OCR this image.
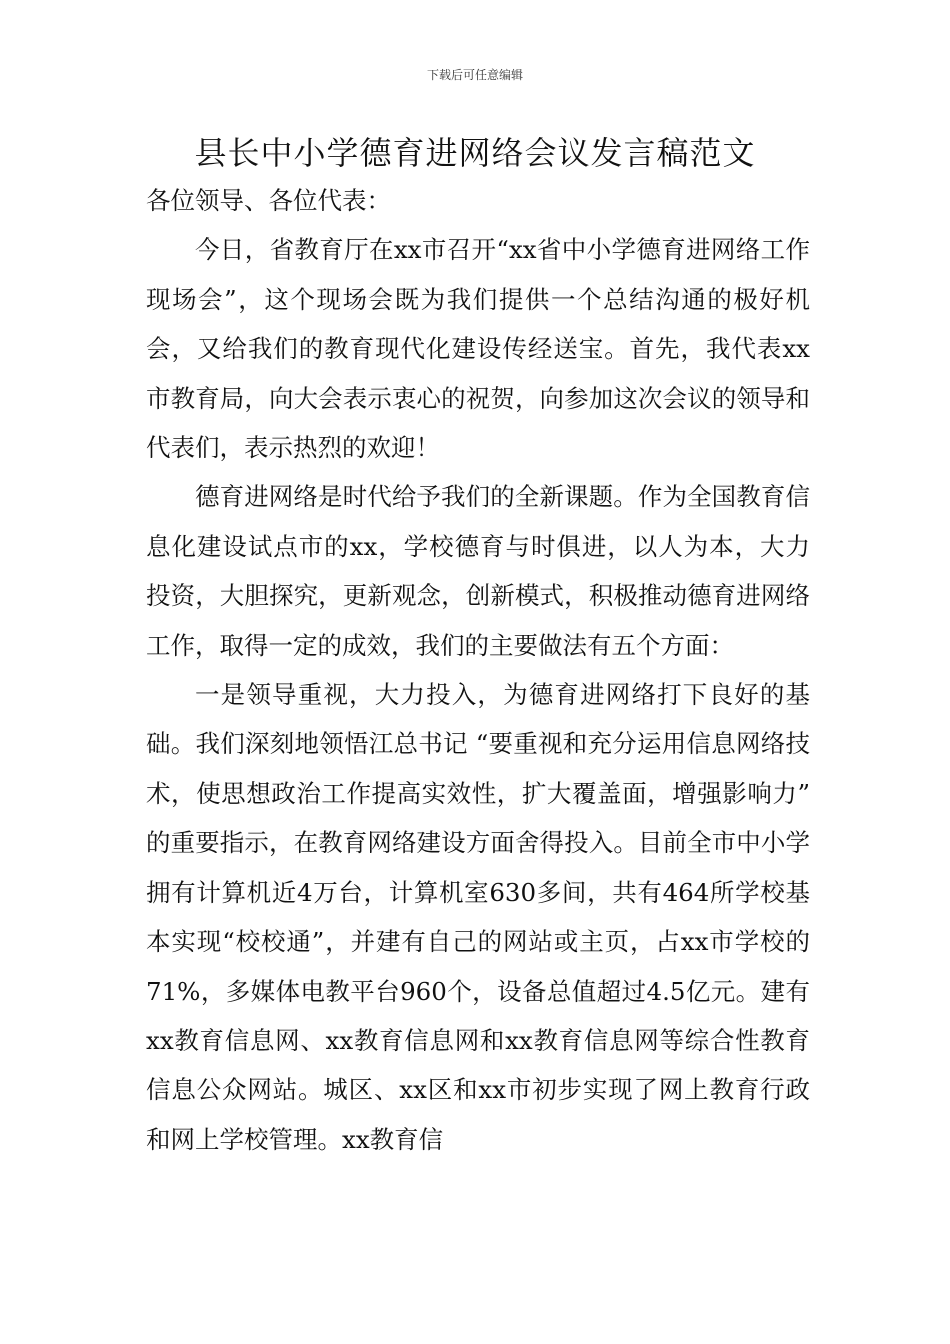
下载后可任意编辑
县长中小学德育进网络会议发言稿范文

各位领导、各位代表：

今日，省教育厅在xx市召开“xx省中小学德育进网络工作现场会”，这个现场会既为我们提供一个总结沟通的极好机会，又给我们的教育现代化建设传经送宝。首先，我代表xx市教育局，向大会表示衷心的祝贺，向参加这次会议的领导和代表们，表示热烈的欢迎！

德育进网络是时代给予我们的全新课题。作为全国教育信息化建设试点市的xx，学校德育与时俱进，以人为本，大力投资，大胆探究，更新观念，创新模式，积极推动德育进网络工作，取得一定的成效，我们的主要做法有五个方面：

一是领导重视，大力投入，为德育进网络打下良好的基础。我们深刻地领悟江总书记 “要重视和充分运用信息网络技术，使思想政治工作提高实效性，扩大覆盖面，增强影响力” 的重要指示，在教育网络建设方面舍得投入。目前全市中小学拥有计算机近4万台，计算机室630多间，共有464所学校基本实现“校校通”，并建有自己的网站或主页，占xx市学校的71%，多媒体电教平台960个，设备总值超过4.5亿元。建有xx教育信息网、xx教育信息网和xx教育信息网等综合性教育信息公众网站。城区、xx区和xx市初步实现了网上教育行政和网上学校管理。xx教育信
